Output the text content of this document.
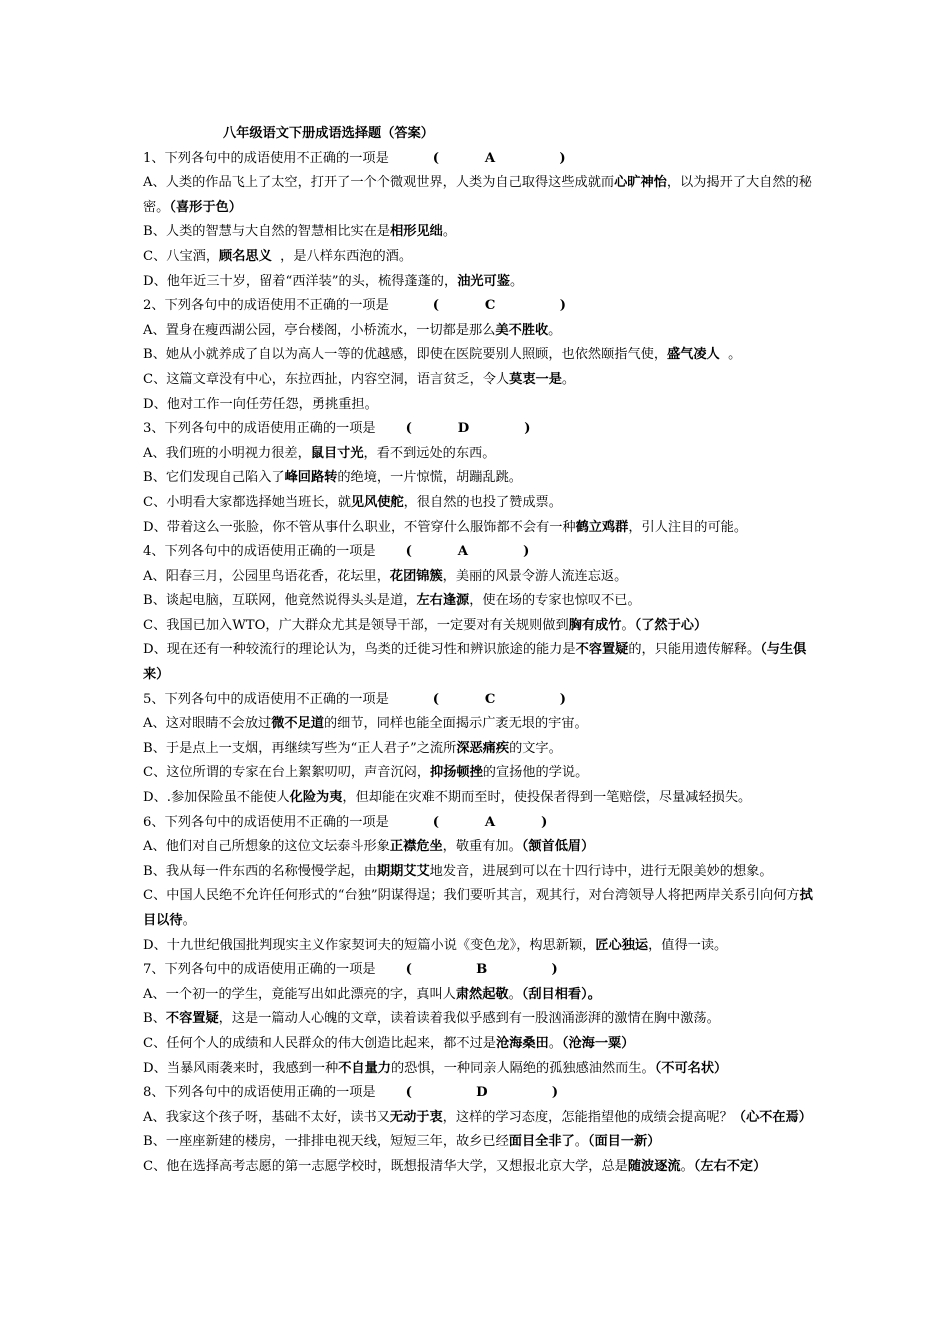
八年级语文下册成语选择题（答案）
1、下列各句中的成语使用不正确的一项是	(          A              )
A、人类的作品飞上了太空，打开了一个个微观世界，人类为自己取得这些成就而心旷神怡，以为揭开了大自然的秘密。（喜形于色）
B、人类的智慧与大自然的智慧相比实在是相形见绌。
C、八宝酒，顾名思义  ，是八样东西泡的酒。
D、他年近三十岁，留着“西洋装”的头，梳得蓬蓬的，油光可鉴。
2、下列各句中的成语使用不正确的一项是	(          C              )
A、置身在瘦西湖公园，亭台楼阁，小桥流水，一切都是那么美不胜收。
B、她从小就养成了自以为高人一等的优越感，即使在医院要别人照顾，也依然颐指气使，盛气凌人  。
C、这篇文章没有中心，东拉西扯，内容空洞，语言贫乏，令人莫衷一是。
D、他对工作一向任劳任怨，勇挑重担。
3、下列各句中的成语使用正确的一项是 (          D            )
A、我们班的小明视力很差，鼠目寸光，看不到远处的东西。
B、它们发现自己陷入了峰回路转的绝境，一片惊慌，胡蹦乱跳。
C、小明看大家都选择她当班长，就见风使舵，很自然的也投了赞成票。
D、带着这么一张脸，你不管从事什么职业，不管穿什么服饰都不会有一种鹤立鸡群，引人注目的可能。
4、下列各句中的成语使用正确的一项是 (          A            )
A、阳春三月，公园里鸟语花香，花坛里，花团锦簇，美丽的风景令游人流连忘返。
B、谈起电脑，互联网，他竟然说得头头是道，左右逢源，使在场的专家也惊叹不已。
C、我国已加入WTO，广大群众尤其是领导干部，一定要对有关规则做到胸有成竹。（了然于心）
D、现在还有一种较流行的理论认为，鸟类的迁徙习性和辨识旅途的能力是不容置疑的，只能用遗传解释。（与生俱来）
5、下列各句中的成语使用不正确的一项是	(          C              )
A、这对眼睛不会放过微不足道的细节，同样也能全面揭示广袤无垠的宇宙。
B、于是点上一支烟，再继续写些为“正人君子”之流所深恶痛疾的文字。
C、这位所谓的专家在台上絮絮叨叨，声音沉闷，抑扬顿挫的宣扬他的学说。
D、.参加保险虽不能使人化险为夷，但却能在灾难不期而至时，使投保者得到一笔赔偿，尽量减轻损失。
6、下列各句中的成语使用不正确的一项是	(          A          )
A、他们对自己所想象的这位文坛泰斗形象正襟危坐，敬重有加。（颔首低眉）
B、我从每一件东西的名称慢慢学起，由期期艾艾地发音，进展到可以在十四行诗中，进行无限美妙的想象。
C、中国人民绝不允许任何形式的“台独”阴谋得逞；我们要听其言，观其行，对台湾领导人将把两岸关系引向何方拭目以待。
D、十九世纪俄国批判现实主义作家契诃夫的短篇小说《变色龙》，构思新颖，匠心独运，值得一读。
7、下列各句中的成语使用正确的一项是 (              B              )
A、一个初一的学生，竟能写出如此漂亮的字，真叫人肃然起敬。（刮目相看）。
B、不容置疑，这是一篇动人心魄的文章，读着读着我似乎感到有一股汹涌澎湃的激情在胸中激荡。
C、任何个人的成绩和人民群众的伟大创造比起来，都不过是沧海桑田。（沧海一粟）
D、当暴风雨袭来时，我感到一种不自量力的恐惧，一种同亲人隔绝的孤独感油然而生。（不可名状）
8、下列各句中的成语使用正确的一项是 (              D              )
A、我家这个孩子呀，基础不太好，读书又无动于衷，这样的学习态度，怎能指望他的成绩会提高呢？（心不在焉）
B、一座座新建的楼房，一排排电视天线，短短三年，故乡已经面目全非了。（面目一新）
C、他在选择高考志愿的第一志愿学校时，既想报清华大学，又想报北京大学，总是随波逐流。（左右不定）
